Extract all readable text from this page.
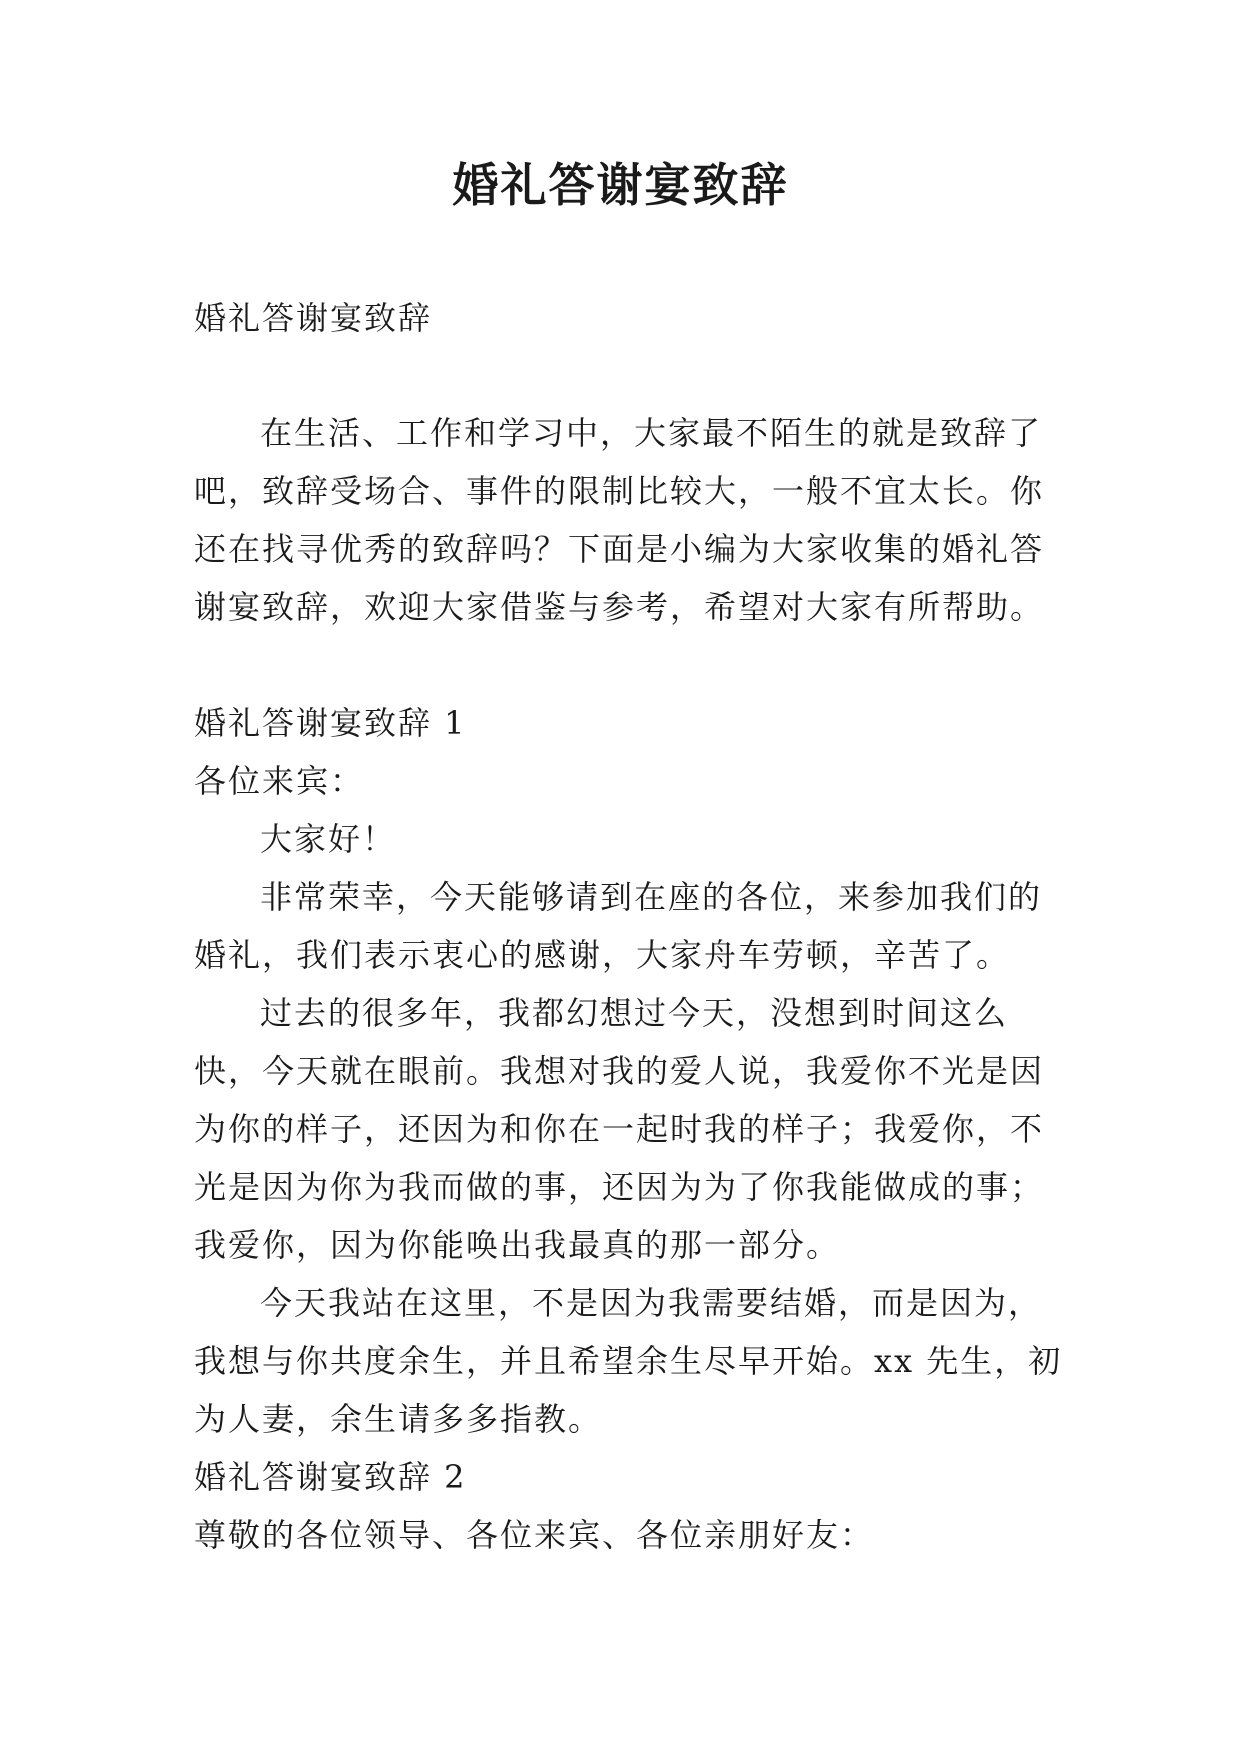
婚礼答谢宴致辞

婚礼答谢宴致辞

在生活、工作和学习中，大家最不陌生的就是致辞了吧，致辞受场合、事件的限制比较大，一般不宜太长。你还在找寻优秀的致辞吗？下面是小编为大家收集的婚礼答谢宴致辞，欢迎大家借鉴与参考，希望对大家有所帮助。

婚礼答谢宴致辞 1

各位来宾：

大家好！

非常荣幸，今天能够请到在座的各位，来参加我们的婚礼，我们表示衷心的感谢，大家舟车劳顿，辛苦了。

过去的很多年，我都幻想过今天，没想到时间这么快，今天就在眼前。我想对我的爱人说，我爱你不光是因为你的样子，还因为和你在一起时我的样子；我爱你，不光是因为你为我而做的事，还因为为了你我能做成的事；我爱你，因为你能唤出我最真的那一部分。

今天我站在这里，不是因为我需要结婚，而是因为，我想与你共度余生，并且希望余生尽早开始。xx 先生，初为人妻，余生请多多指教。

婚礼答谢宴致辞 2

尊敬的各位领导、各位来宾、各位亲朋好友：
